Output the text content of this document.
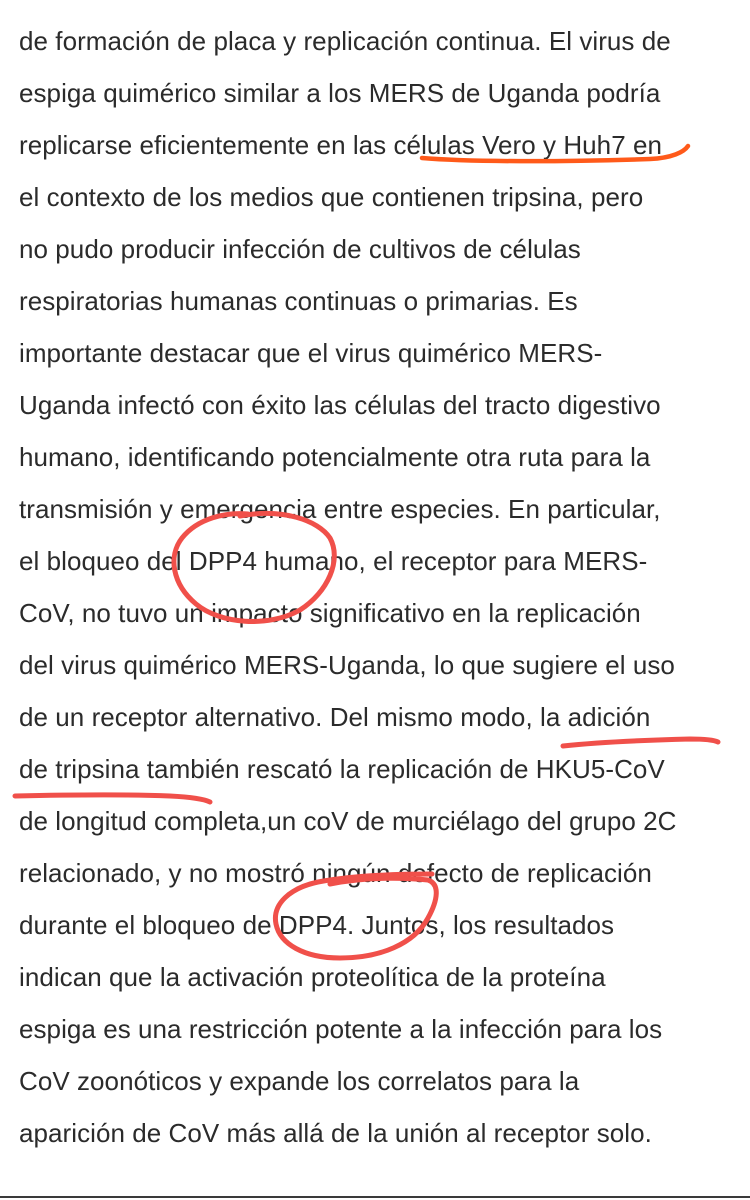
de formación de placa y replicación continua. El virus de
espiga quimérico similar a los MERS de Uganda podría
replicarse eficientemente en las células Vero y Huh7 en
el contexto de los medios que contienen tripsina, pero
no pudo producir infección de cultivos de células
respiratorias humanas continuas o primarias. Es
importante destacar que el virus quimérico MERS-
Uganda infectó con éxito las células del tracto digestivo
humano, identificando potencialmente otra ruta para la
transmisión y emergencia entre especies. En particular,
el bloqueo del DPP4 humano, el receptor para MERS-
CoV, no tuvo un impacto significativo en la replicación
del virus quimérico MERS-Uganda, lo que sugiere el uso
de un receptor alternativo. Del mismo modo, la adición
de tripsina también rescató la replicación de HKU5-CoV
de longitud completa,un coV de murciélago del grupo 2C
relacionado, y no mostró ningún defecto de replicación
durante el bloqueo de DPP4. Juntos, los resultados
indican que la activación proteolítica de la proteína
espiga es una restricción potente a la infección para los
CoV zoonóticos y expande los correlatos para la
aparición de CoV más allá de la unión al receptor solo.
